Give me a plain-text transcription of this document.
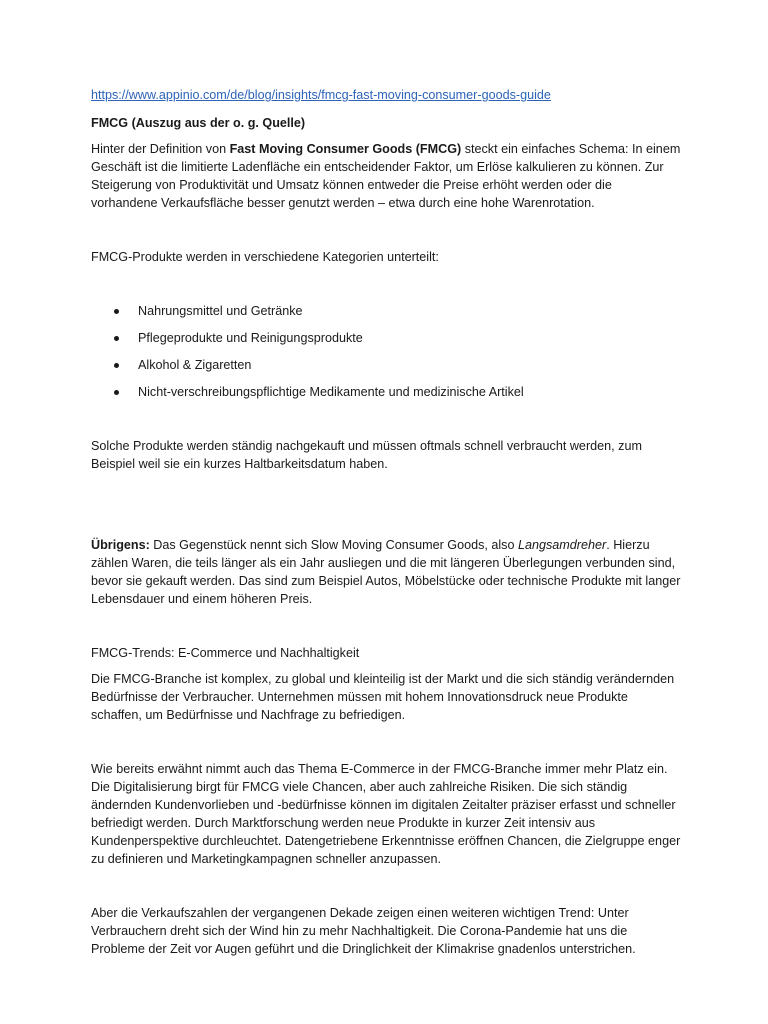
https://www.appinio.com/de/blog/insights/fmcg-fast-moving-consumer-goods-guide

FMCG (Auszug aus der o. g. Quelle)

Hinter der Definition von Fast Moving Consumer Goods (FMCG) steckt ein einfaches Schema: In einem Geschäft ist die limitierte Ladenfläche ein entscheidender Faktor, um Erlöse kalkulieren zu können. Zur Steigerung von Produktivität und Umsatz können entweder die Preise erhöht werden oder die vorhandene Verkaufsfläche besser genutzt werden – etwa durch eine hohe Warenrotation.

FMCG-Produkte werden in verschiedene Kategorien unterteilt:

Nahrungsmittel und Getränke
Pflegeprodukte und Reinigungsprodukte
Alkohol & Zigaretten
Nicht-verschreibungspflichtige Medikamente und medizinische Artikel

Solche Produkte werden ständig nachgekauft und müssen oftmals schnell verbraucht werden, zum Beispiel weil sie ein kurzes Haltbarkeitsdatum haben.

Übrigens: Das Gegenstück nennt sich Slow Moving Consumer Goods, also Langsamdreher. Hierzu zählen Waren, die teils länger als ein Jahr ausliegen und die mit längeren Überlegungen verbunden sind, bevor sie gekauft werden. Das sind zum Beispiel Autos, Möbelstücke oder technische Produkte mit langer Lebensdauer und einem höheren Preis.

FMCG-Trends: E-Commerce und Nachhaltigkeit

Die FMCG-Branche ist komplex, zu global und kleinteilig ist der Markt und die sich ständig verändernden Bedürfnisse der Verbraucher. Unternehmen müssen mit hohem Innovationsdruck neue Produkte schaffen, um Bedürfnisse und Nachfrage zu befriedigen.

Wie bereits erwähnt nimmt auch das Thema E-Commerce in der FMCG-Branche immer mehr Platz ein. Die Digitalisierung birgt für FMCG viele Chancen, aber auch zahlreiche Risiken. Die sich ständig ändernden Kundenvorlieben und -bedürfnisse können im digitalen Zeitalter präziser erfasst und schneller befriedigt werden. Durch Marktforschung werden neue Produkte in kurzer Zeit intensiv aus Kundenperspektive durchleuchtet. Datengetriebene Erkenntnisse eröffnen Chancen, die Zielgruppe enger zu definieren und Marketingkampagnen schneller anzupassen.

Aber die Verkaufszahlen der vergangenen Dekade zeigen einen weiteren wichtigen Trend: Unter Verbrauchern dreht sich der Wind hin zu mehr Nachhaltigkeit. Die Corona-Pandemie hat uns die Probleme der Zeit vor Augen geführt und die Dringlichkeit der Klimakrise gnadenlos unterstrichen.
